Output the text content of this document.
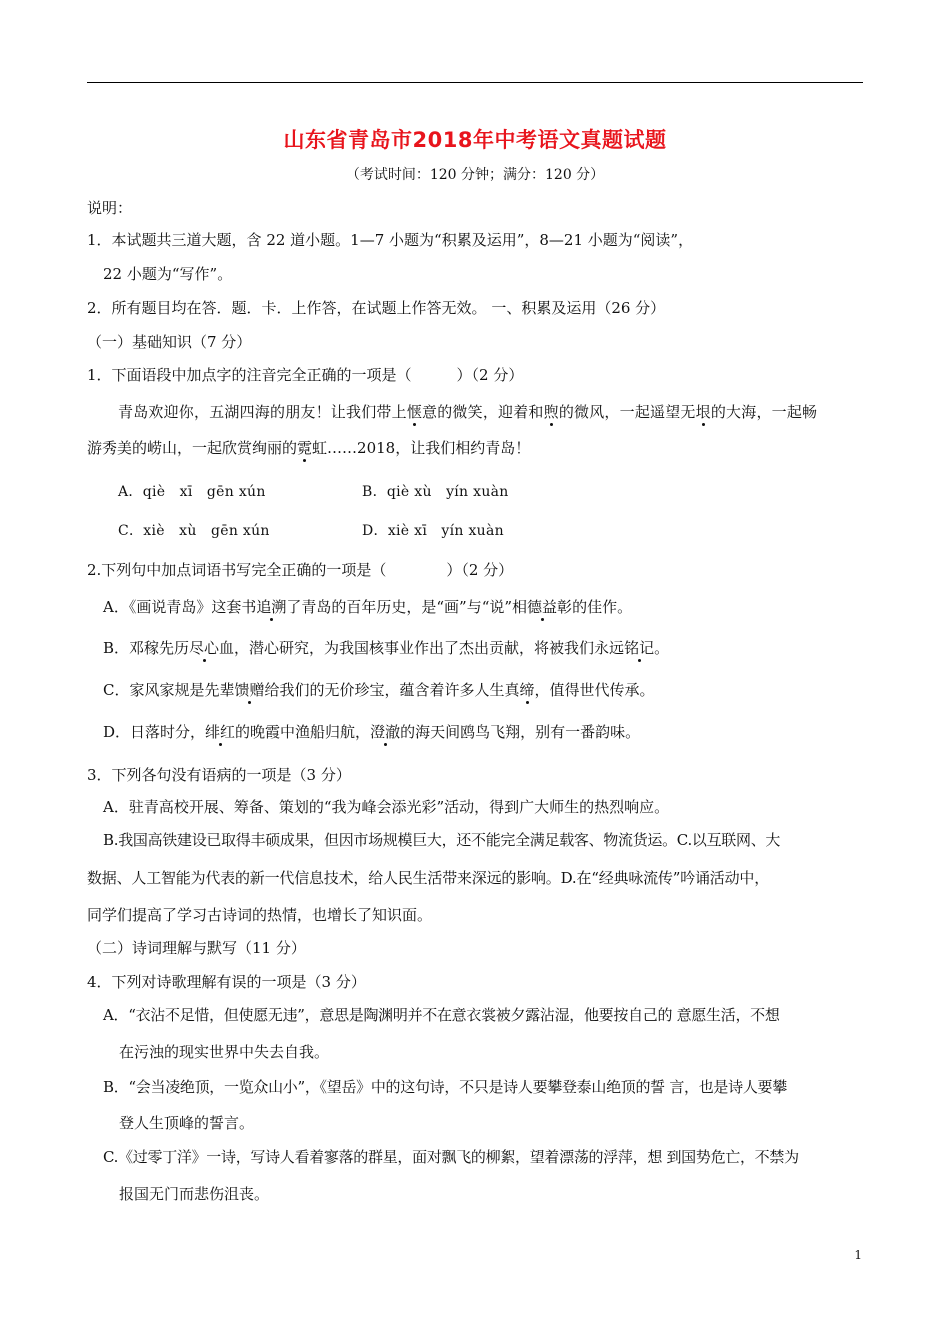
山东省青岛市2018年中考语文真题试题
（考试时间：120 分钟；满分：120 分）
说明：
1．本试题共三道大题，含 22 道小题。1—7 小题为“积累及运用”，8—21 小题为“阅读”，
22 小题为“写作”。
2．所有题目均在答．题．卡．上作答，在试题上作答无效。 一、积累及运用（26 分）
（一）基础知识（7 分）
1．下面语段中加点字的注音完全正确的一项是（　　　）（2 分）
青岛欢迎你，五湖四海的朋友！让我们带上惬意的微笑，迎着和煦的微风，一起遥望无垠的大海，一起畅
游秀美的崂山，一起欣赏绚丽的霓虹……2018，让我们相约青岛！
A．qiè　xī　gēn xún	B．qiè xù　yín xuàn
C．xiè　xù　gēn xún	D．xiè xī　yín xuàn
2.下列句中加点词语书写完全正确的一项是（　　　　）（2 分）
A．《画说青岛》这套书追溯了青岛的百年历史，是“画”与“说”相德益彰的佳作。
B．邓稼先历尽心血，潜心研究，为我国核事业作出了杰出贡献，将被我们永远铭记。
C．家风家规是先辈馈赠给我们的无价珍宝，蕴含着许多人生真缔，值得世代传承。
D．日落时分，绯红的晚霞中渔船归航，澄澈的海天间鸥鸟飞翔，别有一番韵味。
3．下列各句没有语病的一项是（3 分）
A．驻青高校开展、筹备、策划的“我为峰会添光彩”活动，得到广大师生的热烈响应。
B.我国高铁建设已取得丰硕成果，但因市场规模巨大，还不能完全满足载客、物流货运。C.以互联网、大
数据、人工智能为代表的新一代信息技术，给人民生活带来深远的影响。D.在“经典咏流传”吟诵活动中，
同学们提高了学习古诗词的热情，也增长了知识面。
（二）诗词理解与默写（11 分）
4．下列对诗歌理解有误的一项是（3 分）
A．“衣沾不足惜，但使愿无违”，意思是陶渊明并不在意衣裳被夕露沾湿，他要按自己的 意愿生活，不想
在污浊的现实世界中失去自我。
B．“会当凌绝顶，一览众山小”，《望岳》中的这句诗，不只是诗人要攀登泰山绝顶的誓 言，也是诗人要攀
登人生顶峰的誓言。
C.《过零丁洋》一诗，写诗人看着寥落的群星，面对飘飞的柳絮，望着漂荡的浮萍，想 到国势危亡，不禁为
报国无门而悲伤沮丧。
1
